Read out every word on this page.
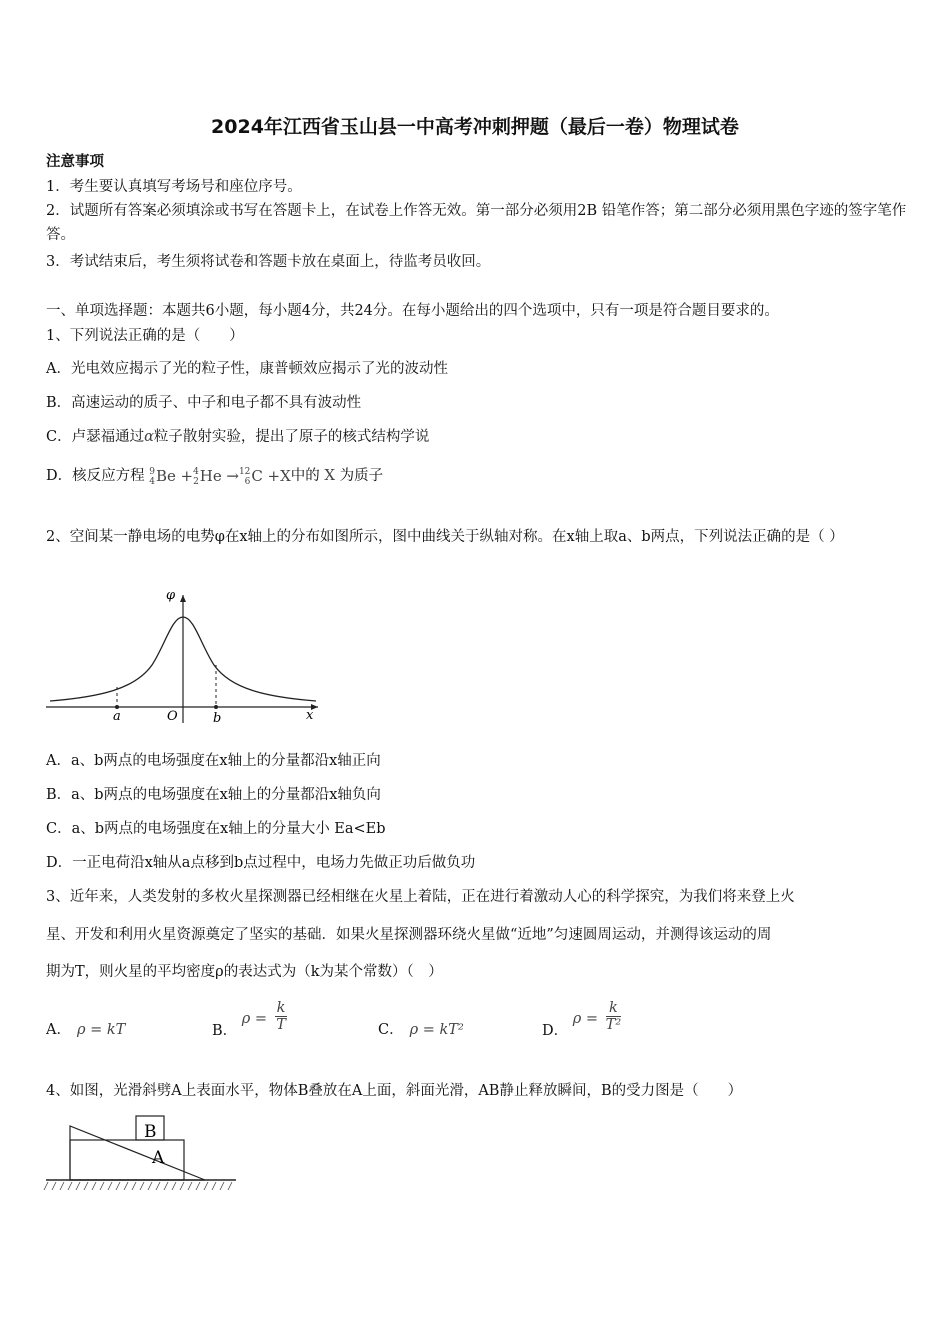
2024年江西省玉山县一中高考冲刺押题（最后一卷）物理试卷
注意事项
1．考生要认真填写考场号和座位序号。
2．试题所有答案必须填涂或书写在答题卡上，在试卷上作答无效。第一部分必须用2B 铅笔作答；第二部分必须用黑色字迹的签字笔作答。
3．考试结束后，考生须将试卷和答题卡放在桌面上，待监考员收回。
一、单项选择题：本题共6小题，每小题4分，共24分。在每小题给出的四个选项中，只有一项是符合题目要求的。
1、下列说法正确的是（　　）
A．光电效应揭示了光的粒子性，康普顿效应揭示了光的波动性
B．高速运动的质子、中子和电子都不具有波动性
C．卢瑟福通过α粒子散射实验，提出了原子的核式结构学说
D．核反应方程 9
4 Be + 4
2 He → 12
6 C +X中的 X 为质子
2、空间某一静电场的电势φ在x轴上的分布如图所示，图中曲线关于纵轴对称。在x轴上取a、b两点，下列说法正确的是（ ）
φ
a	O	b	x
A．a、b两点的电场强度在x轴上的分量都沿x轴正向
B．a、b两点的电场强度在x轴上的分量都沿x轴负向
C．a、b两点的电场强度在x轴上的分量大小 Ea<Eb
D．一正电荷沿x轴从a点移到b点过程中，电场力先做正功后做负功
3、近年来，人类发射的多枚火星探测器已经相继在火星上着陆，正在进行着激动人心的科学探究，为我们将来登上火
星、开发和利用火星资源奠定了坚实的基础．如果火星探测器环绕火星做“近地”匀速圆周运动，并测得该运动的周
期为T，则火星的平均密度ρ的表达式为（k为某个常数）（　）
A． ρ = kT	B． $\rho = \frac{k}{T}$	C． ρ = kT²	D． $\rho = \frac{k}{\text{T²}}$
4、如图，光滑斜劈A上表面水平，物体B叠放在A上面，斜面光滑，AB静止释放瞬间，B的受力图是（　　）
B
A
